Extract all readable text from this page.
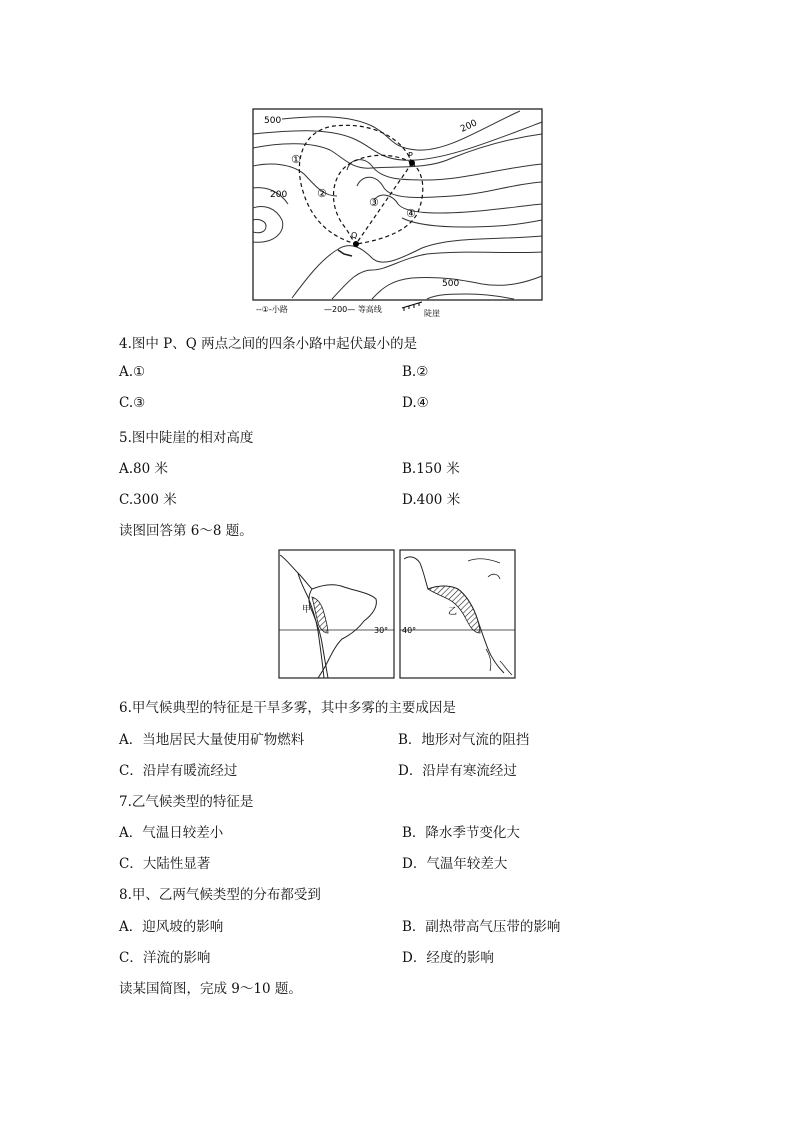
500	200
200
500
P
Q
①
②
③
④
--①-小路	—200— 等高线	陡崖
4.图中 P、Q 两点之间的四条小路中起伏最小的是
A.①	B.②
C.③	D.④
5.图中陡崖的相对高度
A.80 米	B.150 米
C.300 米	D.400 米
读图回答第 6～8 题。
甲
30° 40°
乙
6.甲气候典型的特征是干旱多雾，其中多雾的主要成因是
A．当地居民大量使用矿物燃料	B．地形对气流的阻挡
C．沿岸有暖流经过	D．沿岸有寒流经过
7.乙气候类型的特征是
A．气温日较差小	B．降水季节变化大
C．大陆性显著	D．气温年较差大
8.甲、乙两气候类型的分布都受到
A．迎风坡的影响	B．副热带高气压带的影响
C．洋流的影响	D．经度的影响
读某国简图，完成 9～10 题。
